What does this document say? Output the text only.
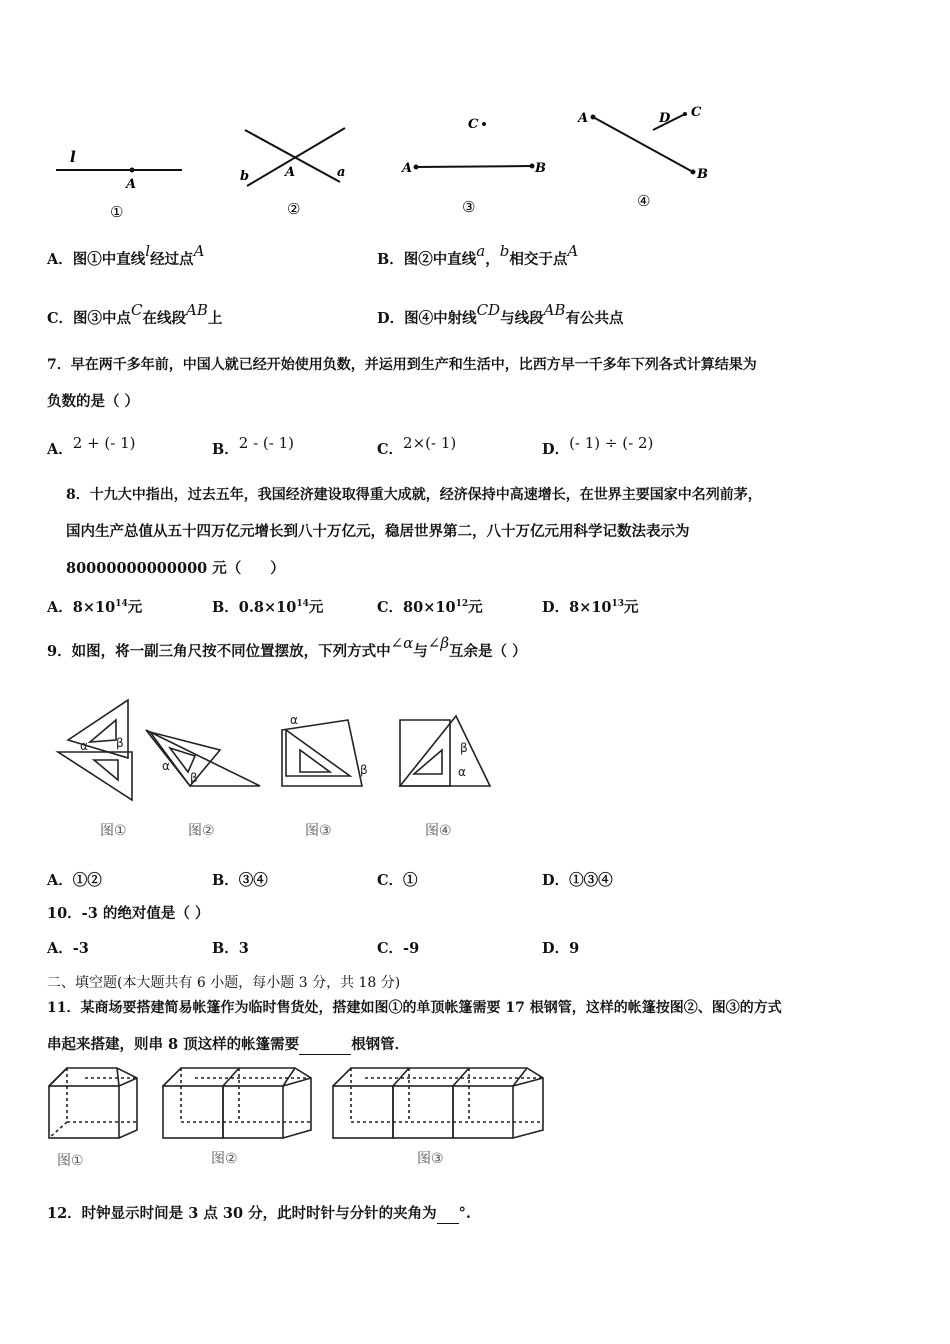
l
A
①
b	A	a
②
C
A	B
③
A
B
D C
④
A．图①中直线l经过点A	B．图②中直线a，b相交于点A
C．图③中点C在线段AB上	D．图④中射线CD与线段AB有公共点
7．早在两千多年前，中国人就已经开始使用负数，并运用到生产和生活中，比西方早一千多年下列各式计算结果为
负数的是（ ）
A．2 + (- 1)	B．2 - (- 1)	C．2×(- 1)	D．(- 1) ÷ (- 2)
8．十九大中指出，过去五年，我国经济建设取得重大成就，经济保持中高速增长，在世界主要国家中名列前茅，
国内生产总值从五十四万亿元增长到八十万亿元，稳居世界第二，八十万亿元用科学记数法表示为
80000000000000 元（　　）
A．$8\times 10^{14}$元	B．$0.8\times 10^{14}$元	C．$80\times 10^{12}$元	D．$8\times 10^{13}$元
9．如图，将一副三角尺按不同位置摆放，下列方式中∠α与∠β互余是（ ）
α β
图①
α
β
图②
α
β
图③
β
α
图④
A．①②	B．③④	C．①	D．①③④
10．-3 的绝对值是（ ）
A．-3	B．3	C．-9	D．9
二、填空题(本大题共有 6 小题，每小题 3 分，共 18 分)
11．某商场要搭建简易帐篷作为临时售货处，搭建如图①的单顶帐篷需要 17 根钢管，这样的帐篷按图②、图③的方式
串起来搭建，则串 8 顶这样的帐篷需要	根钢管．
图①	图②	图③
12．时钟显示时间是 3 点 30 分，此时时针与分针的夹角为 °.
